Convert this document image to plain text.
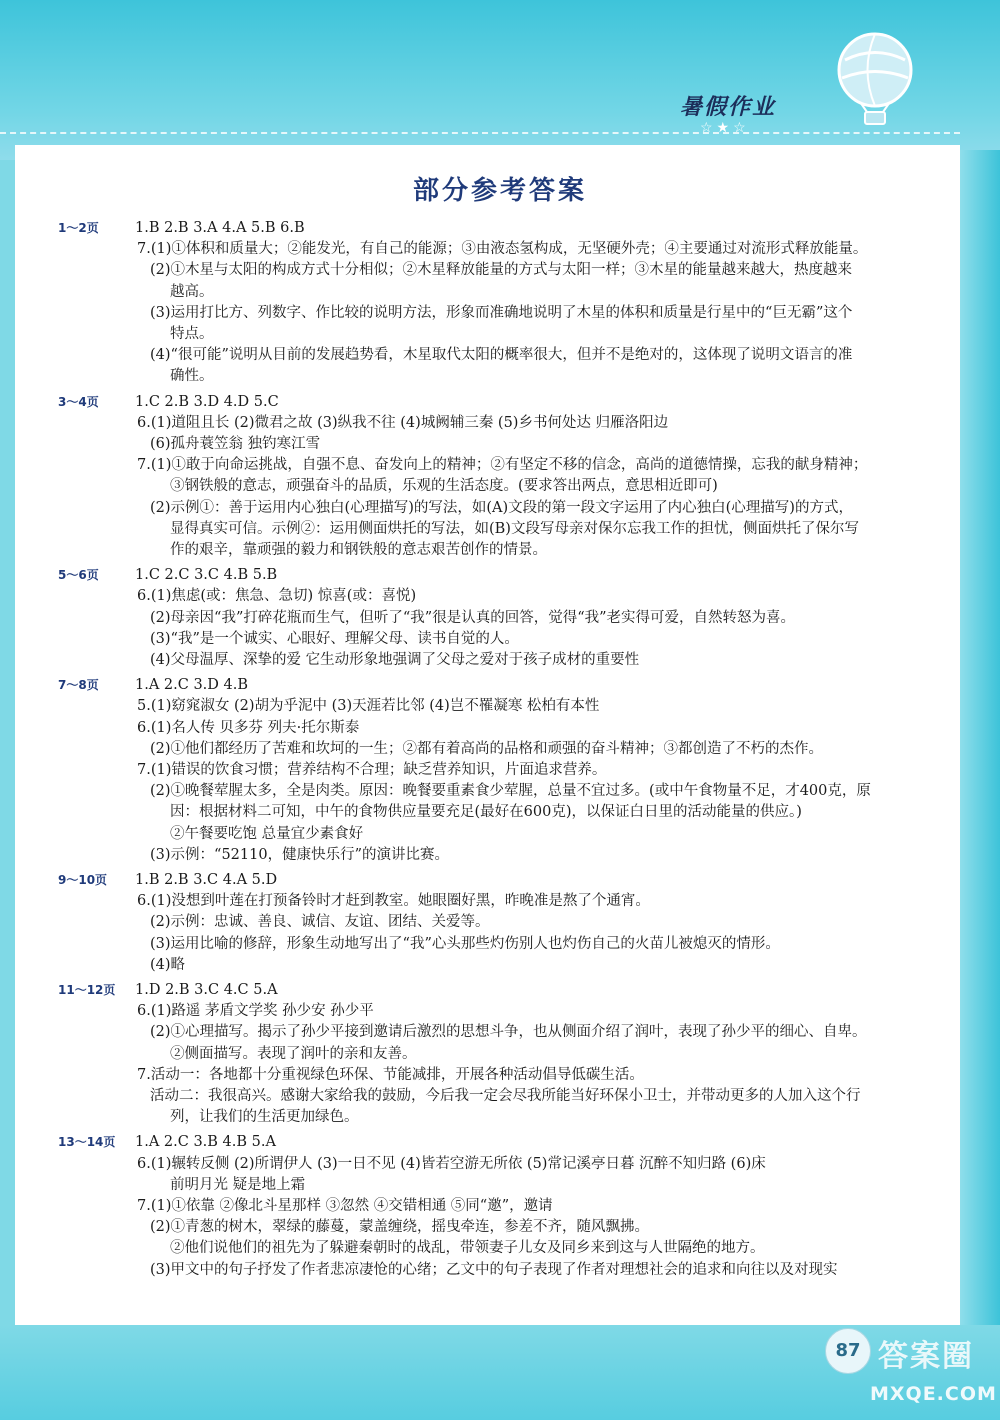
暑假作业
☆★☆
部分参考答案
1～2页	1.B 2.B 3.A 4.A 5.B 6.B
7.(1)①体积和质量大；②能发光，有自己的能源；③由液态氢构成，无坚硬外壳；④主要通过对流形式释放能量。
(2)①木星与太阳的构成方式十分相似；②木星释放能量的方式与太阳一样；③木星的能量越来越大，热度越来
越高。
(3)运用打比方、列数字、作比较的说明方法，形象而准确地说明了木星的体积和质量是行星中的“巨无霸”这个
特点。
(4)“很可能”说明从目前的发展趋势看，木星取代太阳的概率很大，但并不是绝对的，这体现了说明文语言的准
确性。
3～4页	1.C 2.B 3.D 4.D 5.C
6.(1)道阻且长 (2)微君之故 (3)纵我不往 (4)城阙辅三秦 (5)乡书何处达 归雁洛阳边
(6)孤舟蓑笠翁 独钓寒江雪
7.(1)①敢于向命运挑战，自强不息、奋发向上的精神；②有坚定不移的信念，高尚的道德情操，忘我的献身精神；
③钢铁般的意志，顽强奋斗的品质，乐观的生活态度。(要求答出两点，意思相近即可)
(2)示例①：善于运用内心独白(心理描写)的写法，如(A)文段的第一段文字运用了内心独白(心理描写)的方式，
显得真实可信。示例②：运用侧面烘托的写法，如(B)文段写母亲对保尔忘我工作的担忧，侧面烘托了保尔写
作的艰辛，靠顽强的毅力和钢铁般的意志艰苦创作的情景。
5～6页	1.C 2.C 3.C 4.B 5.B
6.(1)焦虑(或：焦急、急切) 惊喜(或：喜悦)
(2)母亲因“我”打碎花瓶而生气，但听了“我”很是认真的回答，觉得“我”老实得可爱，自然转怒为喜。
(3)“我”是一个诚实、心眼好、理解父母、读书自觉的人。
(4)父母温厚、深挚的爱 它生动形象地强调了父母之爱对于孩子成材的重要性
7～8页	1.A 2.C 3.D 4.B
5.(1)窈窕淑女 (2)胡为乎泥中 (3)天涯若比邻 (4)岂不罹凝寒 松柏有本性
6.(1)名人传 贝多芬 列夫·托尔斯泰
(2)①他们都经历了苦难和坎坷的一生；②都有着高尚的品格和顽强的奋斗精神；③都创造了不朽的杰作。
7.(1)错误的饮食习惯；营养结构不合理；缺乏营养知识，片面追求营养。
(2)①晚餐荤腥太多，全是肉类。原因：晚餐要重素食少荤腥，总量不宜过多。(或中午食物量不足，才400克，原
因：根据材料二可知，中午的食物供应量要充足(最好在600克)，以保证白日里的活动能量的供应。)
②午餐要吃饱 总量宜少素食好
(3)示例：“52110，健康快乐行”的演讲比赛。
9～10页 1.B 2.B 3.C 4.A 5.D
6.(1)没想到叶莲在打预备铃时才赶到教室。她眼圈好黑，昨晚准是熬了个通宵。
(2)示例：忠诚、善良、诚信、友谊、团结、关爱等。
(3)运用比喻的修辞，形象生动地写出了“我”心头那些灼伤别人也灼伤自己的火苗儿被熄灭的情形。
(4)略
11～12页 1.D 2.B 3.C 4.C 5.A
6.(1)路遥 茅盾文学奖 孙少安 孙少平
(2)①心理描写。揭示了孙少平接到邀请后激烈的思想斗争，也从侧面介绍了润叶，表现了孙少平的细心、自卑。
②侧面描写。表现了润叶的亲和友善。
7.活动一：各地都十分重视绿色环保、节能减排，开展各种活动倡导低碳生活。
活动二：我很高兴。感谢大家给我的鼓励，今后我一定会尽我所能当好环保小卫士，并带动更多的人加入这个行
列，让我们的生活更加绿色。
13～14页 1.A 2.C 3.B 4.B 5.A
6.(1)辗转反侧 (2)所谓伊人 (3)一日不见 (4)皆若空游无所依 (5)常记溪亭日暮 沉醉不知归路 (6)床
前明月光 疑是地上霜
7.(1)①依靠 ②像北斗星那样 ③忽然 ④交错相通 ⑤同“邀”，邀请
(2)①青葱的树木，翠绿的藤蔓，蒙盖缠绕，摇曳牵连，参差不齐，随风飘拂。
②他们说他们的祖先为了躲避秦朝时的战乱，带领妻子儿女及同乡来到这与人世隔绝的地方。
(3)甲文中的句子抒发了作者悲凉凄怆的心绪；乙文中的句子表现了作者对理想社会的追求和向往以及对现实
87 答案圈
MXQE.COM
